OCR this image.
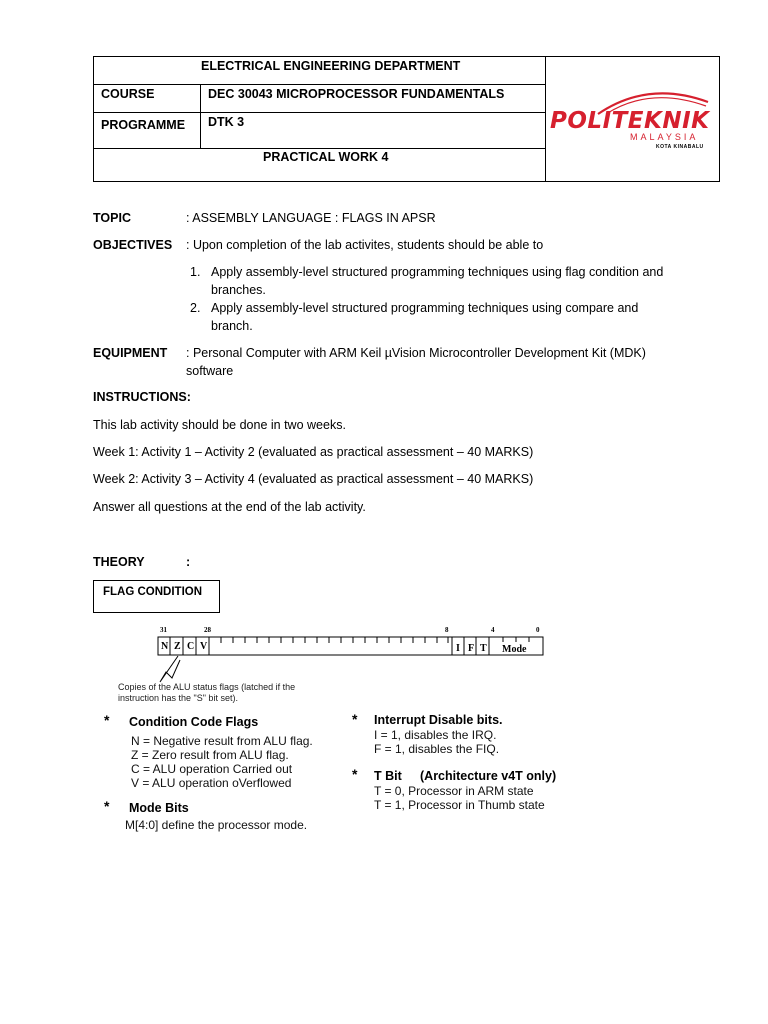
ELECTRICAL ENGINEERING DEPARTMENT
COURSE	DEC 30043 MICROPROCESSOR FUNDAMENTALS
PROGRAMME DTK 3
PRACTICAL WORK 4
POLITEKNIK
MALAYSIA
KOTA KINABALU
TOPIC	: ASSEMBLY LANGUAGE : FLAGS IN APSR
OBJECTIVES : Upon completion of the lab activites, students should be able to
1. Apply assembly-level structured programming techniques using flag condition and
branches.
2. Apply assembly-level structured programming techniques using compare and
branch.
EQUIPMENT : Personal Computer with ARM Keil µVision Microcontroller Development Kit (MDK)
software
INSTRUCTIONS:
This lab activity should be done in two weeks.
Week 1: Activity 1 – Activity 2 (evaluated as practical assessment – 40 MARKS)
Week 2: Activity 3 – Activity 4 (evaluated as practical assessment – 40 MARKS)
Answer all questions at the end of the lab activity.
THEORY	:
FLAG CONDITION
31	28	8	4	0
N Z C V	I F T Mode
Copies of the ALU status flags (latched if the
instruction has the "S" bit set).
* Condition Code Flags
N = Negative result from ALU flag.
Z = Zero result from ALU flag.
C = ALU operation Carried out
V = ALU operation oVerflowed
* Mode Bits
M[4:0] define the processor mode.
* Interrupt Disable bits.
I = 1, disables the IRQ.
F = 1, disables the FIQ.
* T Bit (Architecture v4T only)
T = 0, Processor in ARM state
T = 1, Processor in Thumb state
